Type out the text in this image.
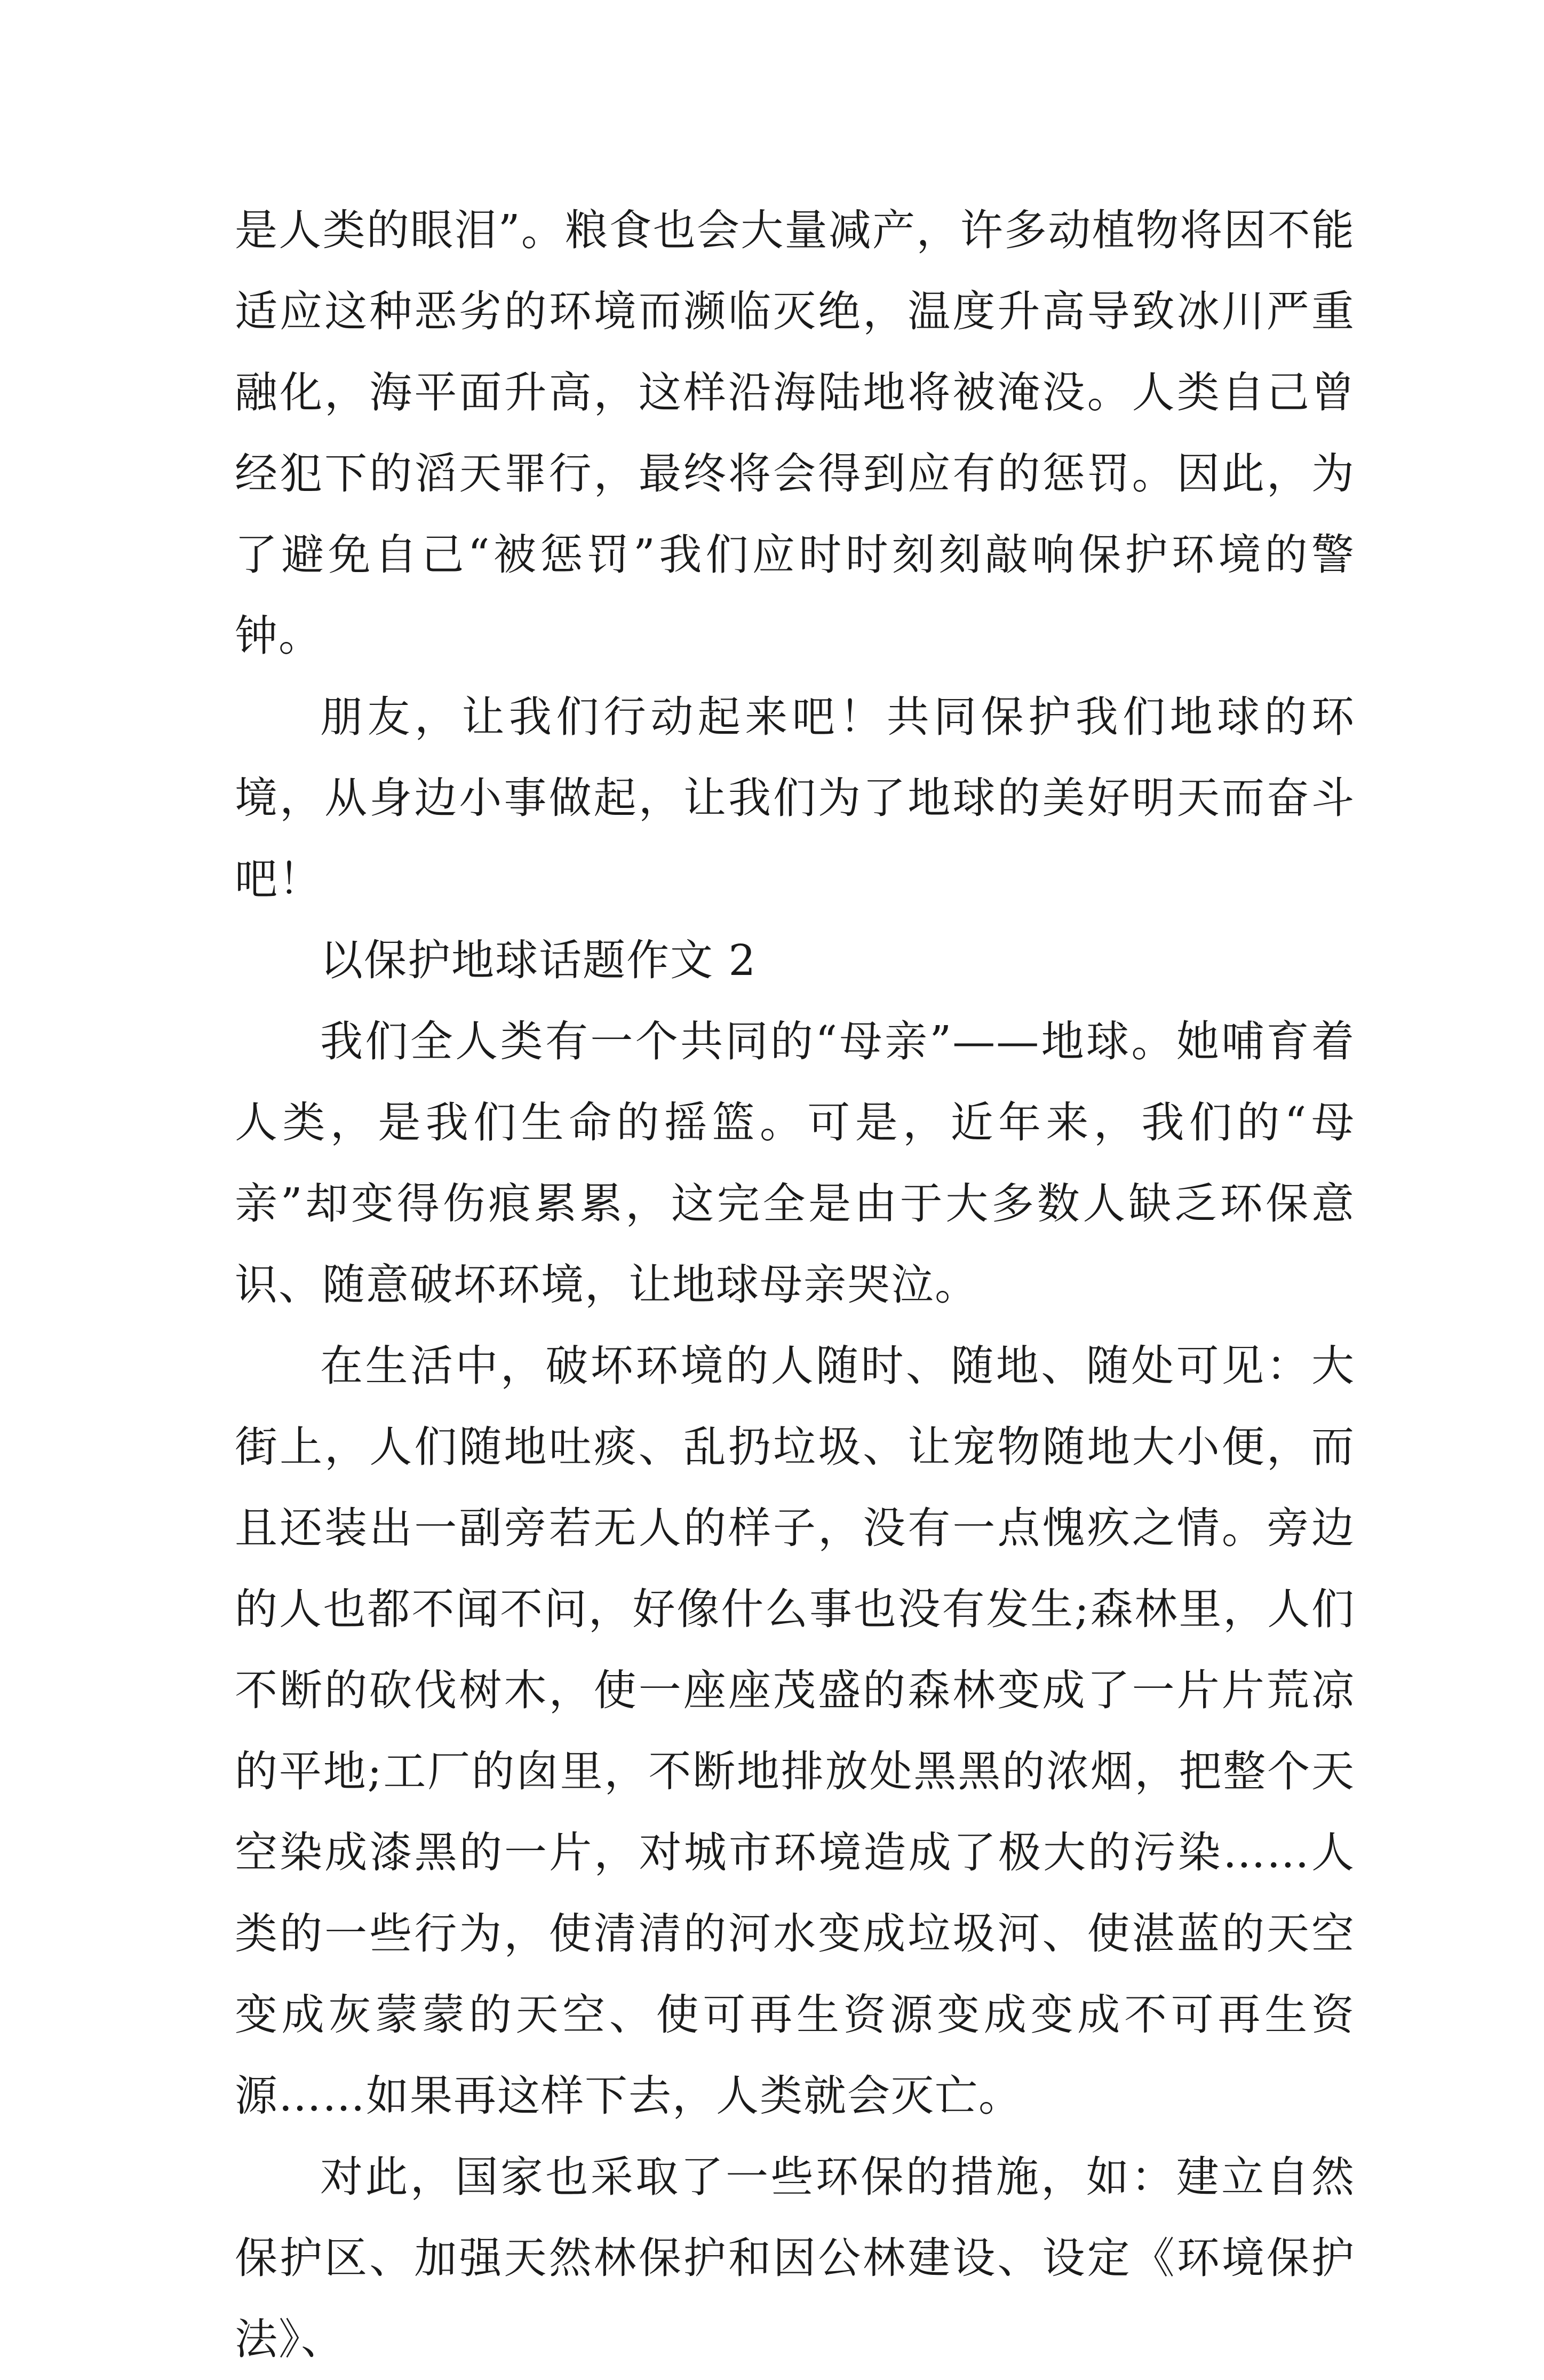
是人类的眼泪”。粮食也会大量减产，许多动植物将因不能适应这种恶劣的环境而濒临灭绝，温度升高导致冰川严重融化，海平面升高，这样沿海陆地将被淹没。人类自己曾经犯下的滔天罪行，最终将会得到应有的惩罚。因此，为了避免自己“被惩罚”我们应时时刻刻敲响保护环境的警钟。

朋友，让我们行动起来吧！共同保护我们地球的环境，从身边小事做起，让我们为了地球的美好明天而奋斗吧！

以保护地球话题作文 2

我们全人类有一个共同的“母亲”——地球。她哺育着人类，是我们生命的摇篮。可是，近年来，我们的“母亲”却变得伤痕累累，这完全是由于大多数人缺乏环保意识、随意破坏环境，让地球母亲哭泣。

在生活中，破坏环境的人随时、随地、随处可见：大街上，人们随地吐痰、乱扔垃圾、让宠物随地大小便，而且还装出一副旁若无人的样子，没有一点愧疚之情。旁边的人也都不闻不问，好像什么事也没有发生;森林里，人们不断的砍伐树木，使一座座茂盛的森林变成了一片片荒凉的平地;工厂的囱里，不断地排放处黑黑的浓烟，把整个天空染成漆黑的一片，对城市环境造成了极大的污染……人类的一些行为，使清清的河水变成垃圾河、使湛蓝的天空变成灰蒙蒙的天空、使可再生资源变成变成不可再生资源……如果再这样下去，人类就会灭亡。

对此，国家也采取了一些环保的措施，如：建立自然保护区、加强天然林保护和因公林建设、设定《环境保护法》、
